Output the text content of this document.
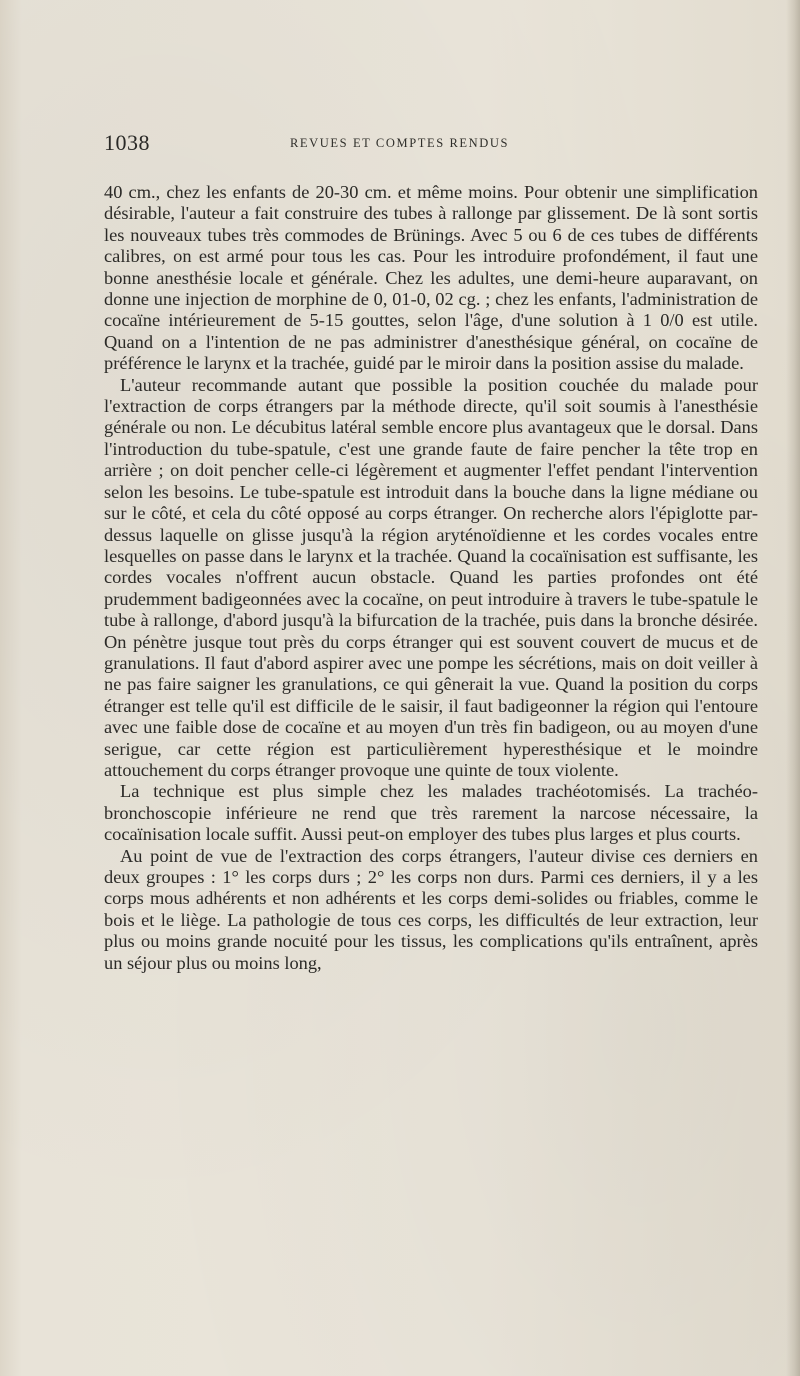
1038	REVUES ET COMPTES RENDUS

40 cm., chez les enfants de 20-30 cm. et même moins. Pour obtenir une simplification désirable, l'auteur a fait construire des tubes à rallonge par glissement. De là sont sortis les nouveaux tubes très commodes de Brünings. Avec 5 ou 6 de ces tubes de différents calibres, on est armé pour tous les cas. Pour les introduire profondément, il faut une bonne anesthésie locale et générale. Chez les adultes, une demi-heure auparavant, on donne une injection de morphine de 0, 01-0, 02 cg. ; chez les enfants, l'administration de cocaïne intérieurement de 5-15 gouttes, selon l'âge, d'une solution à 1 0/0 est utile. Quand on a l'intention de ne pas administrer d'anesthésique général, on cocaïne de préférence le larynx et la trachée, guidé par le miroir dans la position assise du malade.

L'auteur recommande autant que possible la position couchée du malade pour l'extraction de corps étrangers par la méthode directe, qu'il soit soumis à l'anesthésie générale ou non. Le décubitus latéral semble encore plus avantageux que le dorsal. Dans l'introduction du tube-spatule, c'est une grande faute de faire pencher la tête trop en arrière ; on doit pencher celle-ci légèrement et augmenter l'effet pendant l'intervention selon les besoins. Le tube-spatule est introduit dans la bouche dans la ligne médiane ou sur le côté, et cela du côté opposé au corps étranger. On recherche alors l'épiglotte par-dessus laquelle on glisse jusqu'à la région aryténoïdienne et les cordes vocales entre lesquelles on passe dans le larynx et la trachée. Quand la cocaïnisation est suffisante, les cordes vocales n'offrent aucun obstacle. Quand les parties profondes ont été prudemment badigeonnées avec la cocaïne, on peut introduire à travers le tube-spatule le tube à rallonge, d'abord jusqu'à la bifurcation de la trachée, puis dans la bronche désirée. On pénètre jusque tout près du corps étranger qui est souvent couvert de mucus et de granulations. Il faut d'abord aspirer avec une pompe les sécrétions, mais on doit veiller à ne pas faire saigner les granulations, ce qui gênerait la vue. Quand la position du corps étranger est telle qu'il est difficile de le saisir, il faut badigeonner la région qui l'entoure avec une faible dose de cocaïne et au moyen d'un très fin badigeon, ou au moyen d'une serigue, car cette région est particulièrement hyperesthésique et le moindre attouchement du corps étranger provoque une quinte de toux violente.

La technique est plus simple chez les malades trachéotomisés. La trachéo-bronchoscopie inférieure ne rend que très rarement la narcose nécessaire, la cocaïnisation locale suffit. Aussi peut-on employer des tubes plus larges et plus courts.

Au point de vue de l'extraction des corps étrangers, l'auteur divise ces derniers en deux groupes : 1° les corps durs ; 2° les corps non durs. Parmi ces derniers, il y a les corps mous adhérents et non adhérents et les corps demi-solides ou friables, comme le bois et le liège. La pathologie de tous ces corps, les difficultés de leur extraction, leur plus ou moins grande nocuité pour les tissus, les complications qu'ils entraînent, après un séjour plus ou moins long,
